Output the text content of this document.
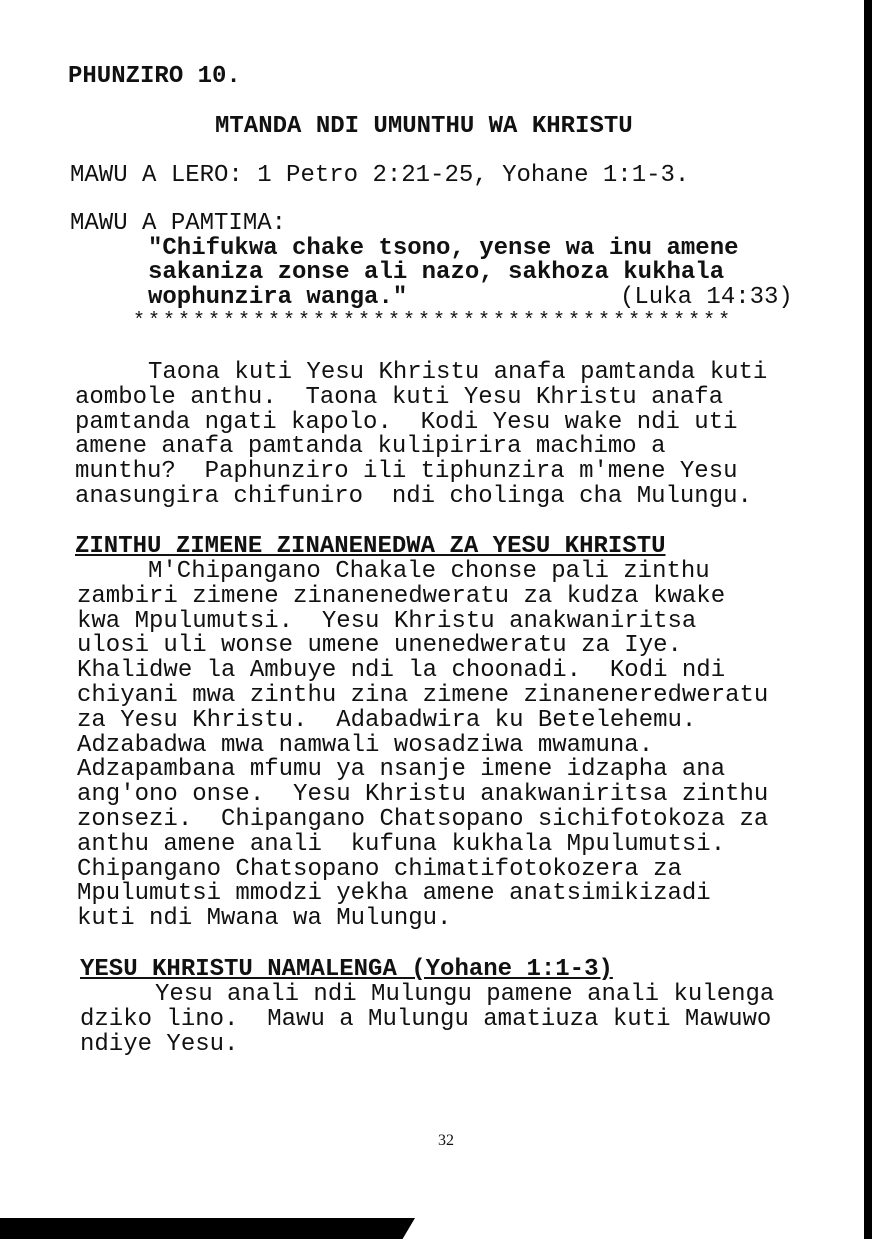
PHUNZIRO 10.
MTANDA NDI UMUNTHU WA KHRISTU
MAWU A LERO: 1 Petro 2:21-25, Yohane 1:1-3.
MAWU A PAMTIMA:
"Chifukwa chake tsono, yense wa inu amene
sakaniza zonse ali nazo, sakhoza kukhala
wophunzira wanga."	(Luka 14:33)
****************************************
Taona kuti Yesu Khristu anafa pamtanda kuti
aombole anthu.  Taona kuti Yesu Khristu anafa
pamtanda ngati kapolo.  Kodi Yesu wake ndi uti
amene anafa pamtanda kulipirira machimo a
munthu?  Paphunziro ili tiphunzira m'mene Yesu
anasungira chifuniro  ndi cholinga cha Mulungu.
ZINTHU ZIMENE ZINANENEDWA ZA YESU KHRISTU
M'Chipangano Chakale chonse pali zinthu
zambiri zimene zinanenedweratu za kudza kwake
kwa Mpulumutsi.  Yesu Khristu anakwaniritsa
ulosi uli wonse umene unenedweratu za Iye.
Khalidwe la Ambuye ndi la choonadi.  Kodi ndi
chiyani mwa zinthu zina zimene zinaneneredweratu
za Yesu Khristu.  Adabadwira ku Betelehemu.
Adzabadwa mwa namwali wosadziwa mwamuna.
Adzapambana mfumu ya nsanje imene idzapha ana
ang'ono onse.  Yesu Khristu anakwaniritsa zinthu
zonsezi.  Chipangano Chatsopano sichifotokoza za
anthu amene anali  kufuna kukhala Mpulumutsi.
Chipangano Chatsopano chimatifotokozera za
Mpulumutsi mmodzi yekha amene anatsimikizadi
kuti ndi Mwana wa Mulungu.
YESU KHRISTU NAMALENGA (Yohane 1:1-3)
Yesu anali ndi Mulungu pamene anali kulenga
dziko lino.  Mawu a Mulungu amatiuza kuti Mawuwo
ndiye Yesu.
32
